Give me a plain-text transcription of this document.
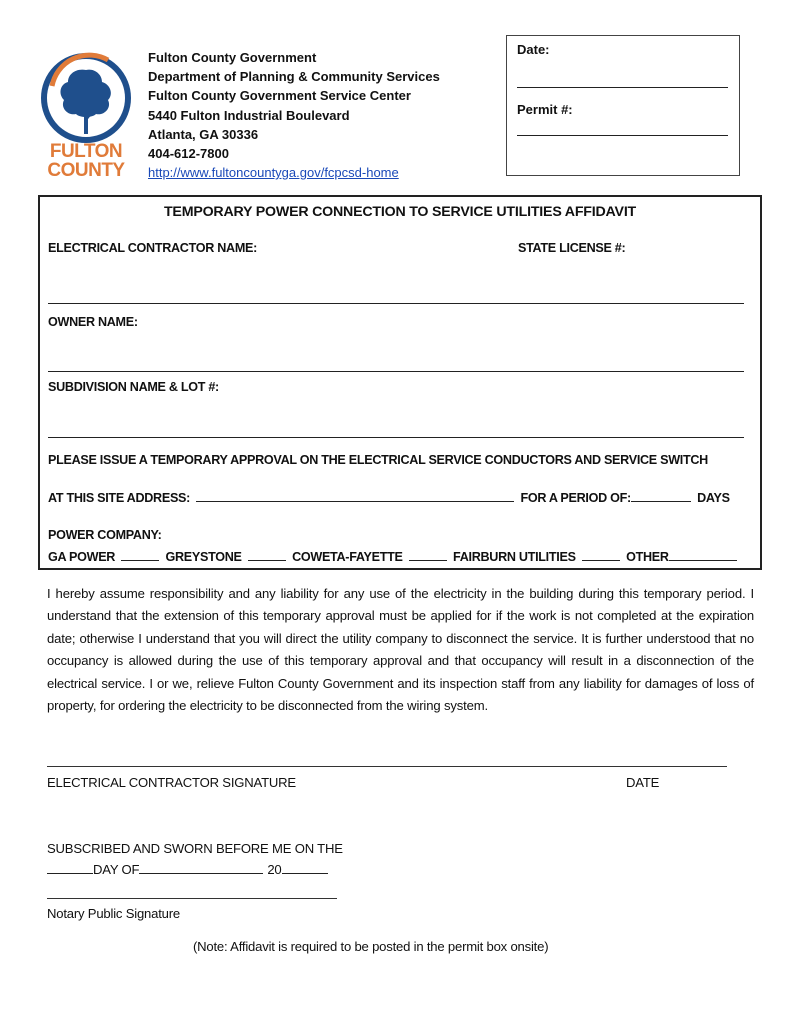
FULTON
COUNTY
Fulton County Government
Department of Planning & Community Services
Fulton County Government Service Center
5440 Fulton Industrial Boulevard
Atlanta, GA 30336
404-612-7800
http://www.fultoncountyga.gov/fcpcsd-home
Date:
Permit #:
TEMPORARY POWER CONNECTION TO SERVICE UTILITIES AFFIDAVIT
ELECTRICAL CONTRACTOR NAME:	STATE LICENSE #:
OWNER NAME:
SUBDIVISION NAME & LOT #:
PLEASE ISSUE A TEMPORARY APPROVAL ON THE ELECTRICAL SERVICE CONDUCTORS AND SERVICE SWITCH
AT THIS SITE ADDRESS:	FOR A PERIOD OF:	DAYS
POWER COMPANY:
GA POWER	GREYSTONE	COWETA-FAYETTE	FAIRBURN UTILITIES	OTHER
I hereby assume responsibility and any liability for any use of the electricity in the building during this temporary period. I understand that the extension of this temporary approval must be applied for if the work is not completed at the expiration date; otherwise I understand that you will direct the utility company to disconnect the service. It is further understood that no occupancy is allowed during the use of this temporary approval and that occupancy will result in a disconnection of the electrical service. I or we, relieve Fulton County Government and its inspection staff from any liability for damages of loss of property, for ordering the electricity to be disconnected from the wiring system.
ELECTRICAL CONTRACTOR SIGNATURE	DATE
SUBSCRIBED AND SWORN BEFORE ME ON THE
DAY OF	20
Notary Public Signature
(Note: Affidavit is required to be posted in the permit box onsite)
